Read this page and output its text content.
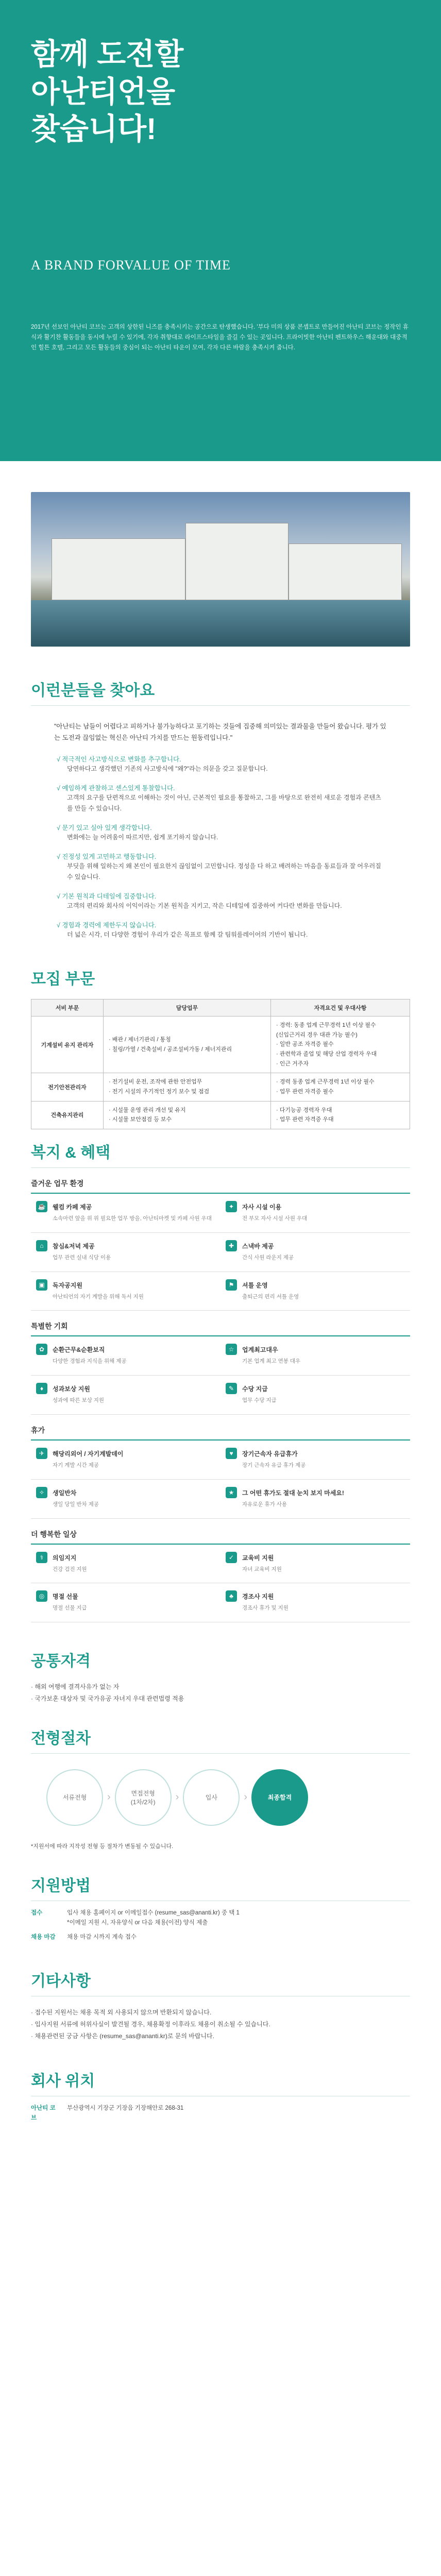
함께 도전할
아난티언을
찾습니다!
A BRAND FORVALUE OF TIME

2017년 선보인 아난티 코브는 고객의 상한된 니즈를 충족시키는 공간으로 탄생했습니다. '부다 미의 상품 콘셉트로 만들어진 아난티 코브는 정작인 휴식과 활기찬 활동들을 동시에 누릴 수 있기에, 각자 취향대로 라이프스타일을 즐길 수 있는 곳입니다. 프라이빗한 아난티 펜트하우스 해운대와 대중적인 힐튼 호텔, 그리고 모든 활동들의 중심이 되는 아난티 타운이 모여, 각자 다른 바람을 충족시켜 줍니다.

이런분들을 찾아요

"아난티는 남들이 어렵다고 피하거나 불가능하다고 포기하는 것들에 집중해 의미있는 결과물을 만들어 왔습니다. 평가 있는 도전과 끊임없는 혁신은 아난티 가치를 만드는 원동력입니다."

√ 적극적인 사고방식으로 변화를 추구합니다.
당연하다고 생각했던 기존의 사고방식에 "왜?"라는 의문을 갖고 질문합니다.
√ 예임하게 관찰하고 센스있게 통찰합니다.
고객의 요구를 단편적으로 이해하는 것이 아닌, 근본적인 필요를 통찰하고, 그를 바탕으로 완전히 새로운 경험과 콘텐츠를 만들 수 있습니다.
√ 문기 있고 실아 있게 생각합니다.
변화에는 늘 어려움이 따르지만, 쉽게 포기하지 않습니다.
√ 진정성 있게 고민하고 행동합니다.
부딧을 위해 일하는지 왜 본인이 필요한지 끊임없이 고민합니다. 정성을 다 하고 배려하는 마음을 동료들과 잘 어우러질 수 있습니다.
√ 기본 원칙과 디테일에 집중합니다.
고객의 편리와 회사의 이익이라는 기본 원칙을 지키고, 작은 디테일에 집중하여 커다란 변화를 만듭니다.
√ 경험과 경력에 제한두지 않습니다.
더 넓은 시각, 더 다양한 경험이 우리가 같은 목표로 함께 갈 팀워를레이어의 기반이 됩니다.
모집 부문
서비 부문	담당업무	자격요건 및 우대사항
기계설비 유지 관리자	· 배관 / 제너기관리 / 통칭
· 칠링/가열 / 건축설비 / 공조설비가동 / 제너지관리	· 경력: 동종 업계 근무경력 1년 이상 필수
(신입근거리 경우 대관 가능 필수)
· 일반 공조 자격증 필수
· 관련학과 졸업 및 해당 산업 경력자 우대
· 인근 거주자
전기안전관리자	· 전기설비 운전, 조작에 관한 안전업무
· 전기 시설의 주기적인 정기 보수 및 점검	· 경력 동종 업계 근무경력 1년 이상 필수
· 업무 관련 자격증 필수
건축유지관리	· 시설물 운영 관리 개선 및 유지
· 시설물 보안점검 등 보수	· 다기능공 경력자 우대
· 업무 관련 자격증 우대
복지 & 혜택
즐거운 업무 환경
☕ 웰컴 카페 제공
소속마련 앞을 위 위 필요한 업무 방을, 아난티마켓 및 카페 사원 우대
✦	자사 시설 이용
전 부모 자사 시설 사원 우대
⌂	참심&저녁 제공
업무 관련 실내 식당 이용
✚	스낵바 제공
간식 사원 라운지 제공
▣	독자공지원
아난티언의 자기 계발을 위해 독서 지원
⚑	셔틀 운영
출퇴근의 편리 셔틀 운영
특별한 기회
✿	순환근무&순환보직
다양한 경험과 지식을 위해 제공
☆	업계최고대우
기본 업계 최고 연봉 대우
♦	성과보상 지원
성과에 따른 보상 지원
✎	수당 지급
업무 수당 지급
휴가
✈	해당리외어 / 자기계발데이
자기 계발 시간 제공
♥	장기근속자 유급휴가
장기 근속자 유급 휴가 제공
✧	생일반차
생일 당일 반차 제공
★	그 어떤 휴가도 절대 눈치 보지 마세요!
자유로운 휴가 사용
더 행복한 일상
⚕	의임지지
건강 검진 지원
✓	교육비 지원
자녀 교육비 지원
◎	명절 선물
명절 선물 지급
♣	경조사 지원
경조사 휴가 및 지원
공통자격
· 해외 여행에 결격사유가 없는 자
· 국가보훈 대상자 및 국가유공 자녀지 우대 관련법령 적용
전형절차
서류전형	›	면접전형
(1차/2차)	›	입사	›	최종합격

*지원서에 따라 지작성 전형 등 절차가 변동될 수 있습니다.

지원방법
접수	입사 채용 홈페이지 or 이메일접수 (resume_sas@ananti.kr) 중 택 1
*이메일 지원 시, 자유양식 or 다음 채용(이전) 양식 제출
채용 마감 채용 마감 시까지 계속 접수
기타사항
· 접수된 지원서는 채용 목적 외 사용되지 않으며 반환되지 않습니다.
· 입사지원 서류에 허위사실이 발견될 경우, 채용확정 이후라도 채용이 취소될 수 있습니다.
· 채용관련된 궁금 사항은 (resume_sas@ananti.kr)로 문의 바랍니다.
회사 위치
아난티 코브
부산광역시 기장군 기장읍 기장해안로 268-31
